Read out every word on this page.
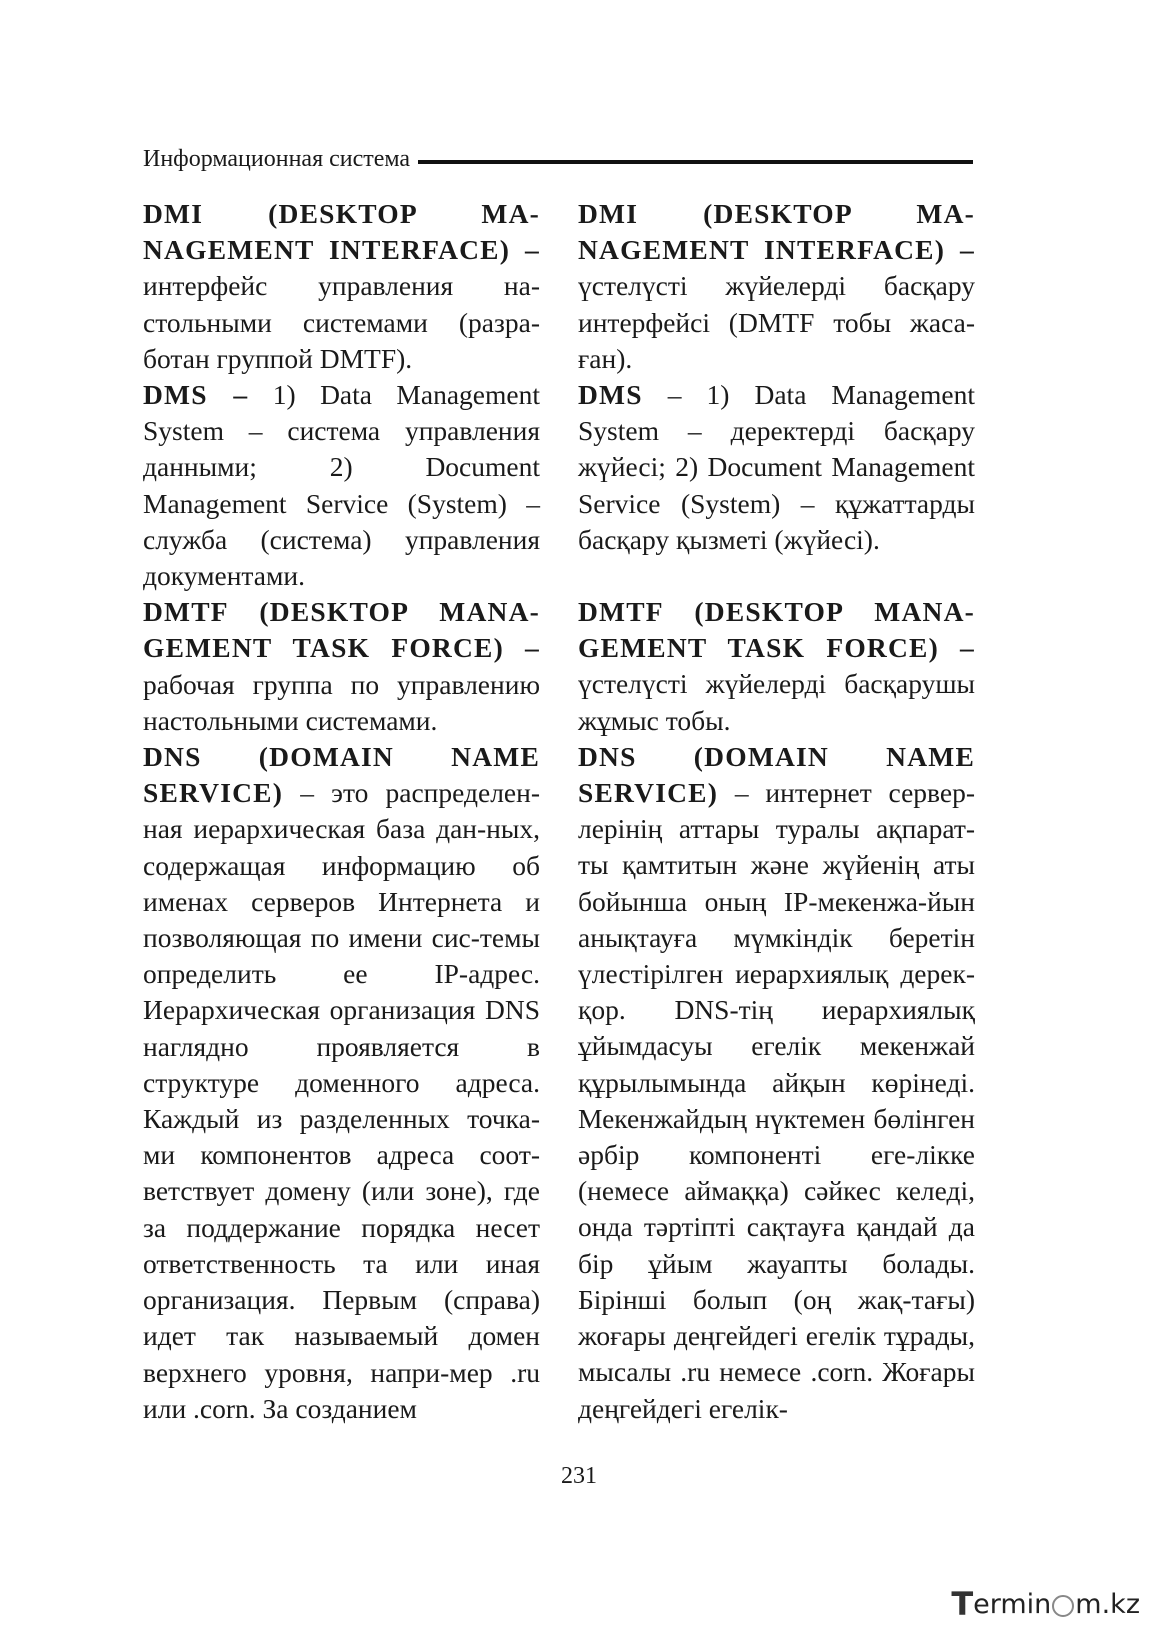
Информационная система

DMI (DESKTOP MA-NAGEMENT INTERFACE) – интерфейс управления на-стольными системами (разра-ботан группой DMTF).

DMS – 1) Data Management System – система управления данными; 2) Document Management Service (System) – служба (система) управления документами.

DMTF (DESKTOP MANA-GEMENT TASK FORCE) – рабочая группа по управлению настольными системами.

DNS (DOMAIN NAME SERVICE) – это распределен-ная иерархическая база дан-ных, содержащая информацию об именах серверов Интернета и позволяющая по имени сис-темы определить ее IP-адрес. Иерархическая организация DNS наглядно проявляется в структуре доменного адреса. Каждый из разделенных точка-ми компонентов адреса соот-ветствует домену (или зоне), где за поддержание порядка несет ответственность та или иная организация. Первым (справа) идет так называемый домен верхнего уровня, напри-мер .ru или .corn. За созданием

DMI (DESKTOP MA-NAGEMENT INTERFACE) – үстелүсті жүйелерді басқару интерфейсі (DMTF тобы жаса-ған).

DMS – 1) Data Management System – деректерді басқару жүйесі; 2) Document Management Service (System) – құжаттарды басқару қызметі (жүйесі).

DMTF (DESKTOP MANA-GEMENT TASK FORCE) – үстелүсті жүйелерді басқарушы жұмыс тобы.

DNS (DOMAIN NAME SERVICE) – интернет сервер-лерінің аттары туралы ақпарат-ты қамтитын және жүйенің аты бойынша оның IP-мекенжа-йын анықтауға мүмкіндік беретін үлестірілген иерархиялық дерек-қор. DNS-тің иерархиялық ұйымдасуы егелік мекенжай құрылымында айқын көрінеді. Мекенжайдың нүктемен бөлінген әрбір компоненті еге-лікке (немесе аймаққа) сәйкес келеді, онда тәртіпті сақтауға қандай да бір ұйым жауапты болады. Бірінші болып (оң жақ-тағы) жоғары деңгейдегі егелік тұрады, мысалы .ru немесе .corn. Жоғары деңгейдегі егелік-

231
T ermin m.kz
